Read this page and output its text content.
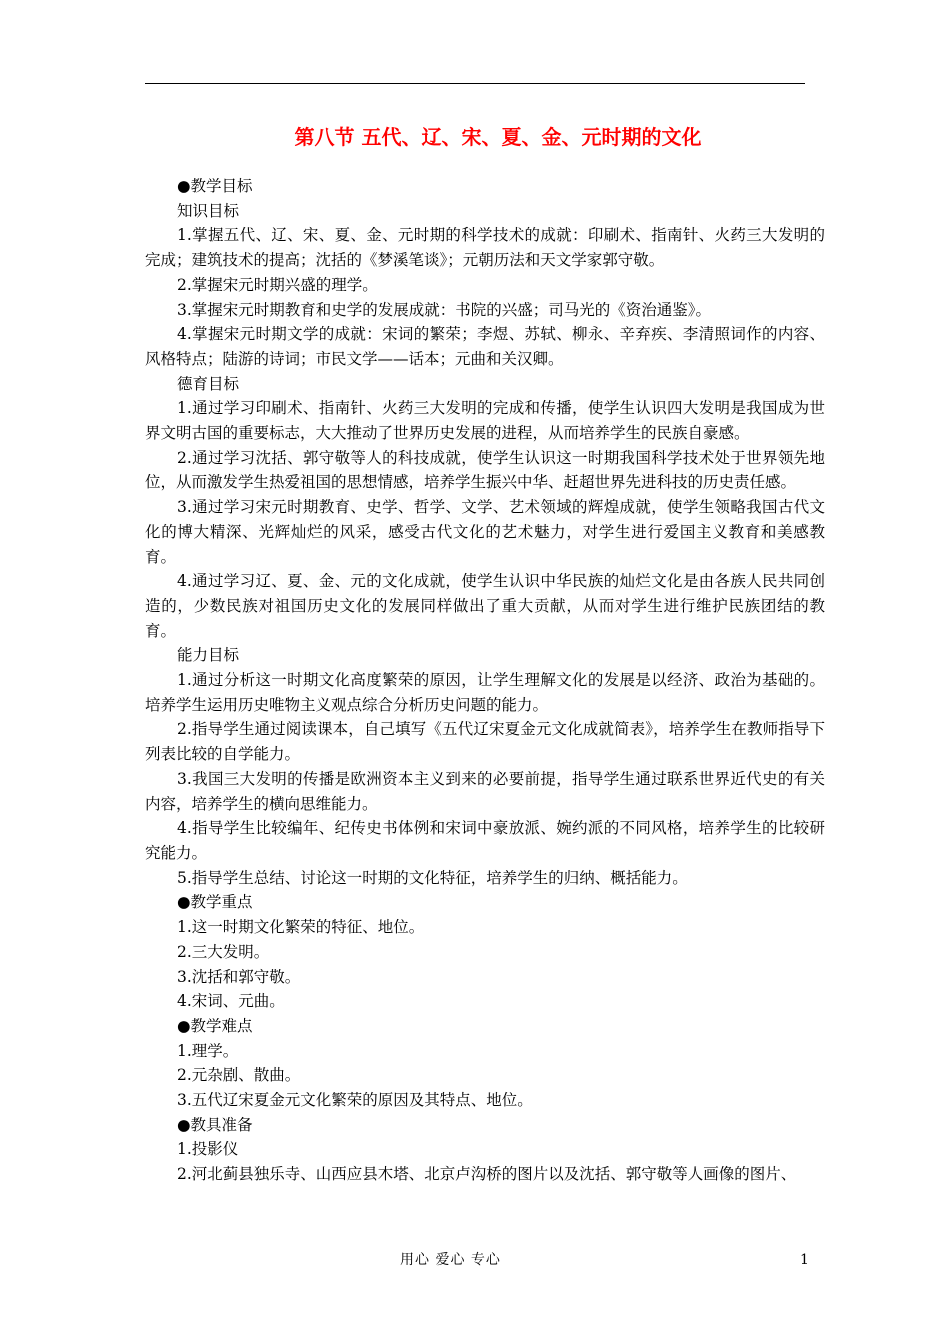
第八节 五代、辽、宋、夏、金、元时期的文化

●教学目标

知识目标

1.掌握五代、辽、宋、夏、金、元时期的科学技术的成就：印刷术、指南针、火药三大发明的完成；建筑技术的提高；沈括的《梦溪笔谈》；元朝历法和天文学家郭守敬。

2.掌握宋元时期兴盛的理学。

3.掌握宋元时期教育和史学的发展成就：书院的兴盛；司马光的《资治通鉴》。

4.掌握宋元时期文学的成就：宋词的繁荣；李煜、苏轼、柳永、辛弃疾、李清照词作的内容、风格特点；陆游的诗词；市民文学——话本；元曲和关汉卿。

德育目标

1.通过学习印刷术、指南针、火药三大发明的完成和传播，使学生认识四大发明是我国成为世界文明古国的重要标志，大大推动了世界历史发展的进程，从而培养学生的民族自豪感。

2.通过学习沈括、郭守敬等人的科技成就，使学生认识这一时期我国科学技术处于世界领先地位，从而激发学生热爱祖国的思想情感，培养学生振兴中华、赶超世界先进科技的历史责任感。

3.通过学习宋元时期教育、史学、哲学、文学、艺术领域的辉煌成就，使学生领略我国古代文化的博大精深、光辉灿烂的风采，感受古代文化的艺术魅力，对学生进行爱国主义教育和美感教育。

4.通过学习辽、夏、金、元的文化成就，使学生认识中华民族的灿烂文化是由各族人民共同创造的，少数民族对祖国历史文化的发展同样做出了重大贡献，从而对学生进行维护民族团结的教育。

能力目标

1.通过分析这一时期文化高度繁荣的原因，让学生理解文化的发展是以经济、政治为基础的。培养学生运用历史唯物主义观点综合分析历史问题的能力。

2.指导学生通过阅读课本，自己填写《五代辽宋夏金元文化成就简表》，培养学生在教师指导下列表比较的自学能力。

3.我国三大发明的传播是欧洲资本主义到来的必要前提，指导学生通过联系世界近代史的有关内容，培养学生的横向思维能力。

4.指导学生比较编年、纪传史书体例和宋词中豪放派、婉约派的不同风格，培养学生的比较研究能力。

5.指导学生总结、讨论这一时期的文化特征，培养学生的归纳、概括能力。

●教学重点

1.这一时期文化繁荣的特征、地位。

2.三大发明。

3.沈括和郭守敬。

4.宋词、元曲。

●教学难点

1.理学。

2.元杂剧、散曲。

3.五代辽宋夏金元文化繁荣的原因及其特点、地位。

●教具准备

1.投影仪

2.河北蓟县独乐寺、山西应县木塔、北京卢沟桥的图片以及沈括、郭守敬等人画像的图片、

用心 爱心 专心	1
